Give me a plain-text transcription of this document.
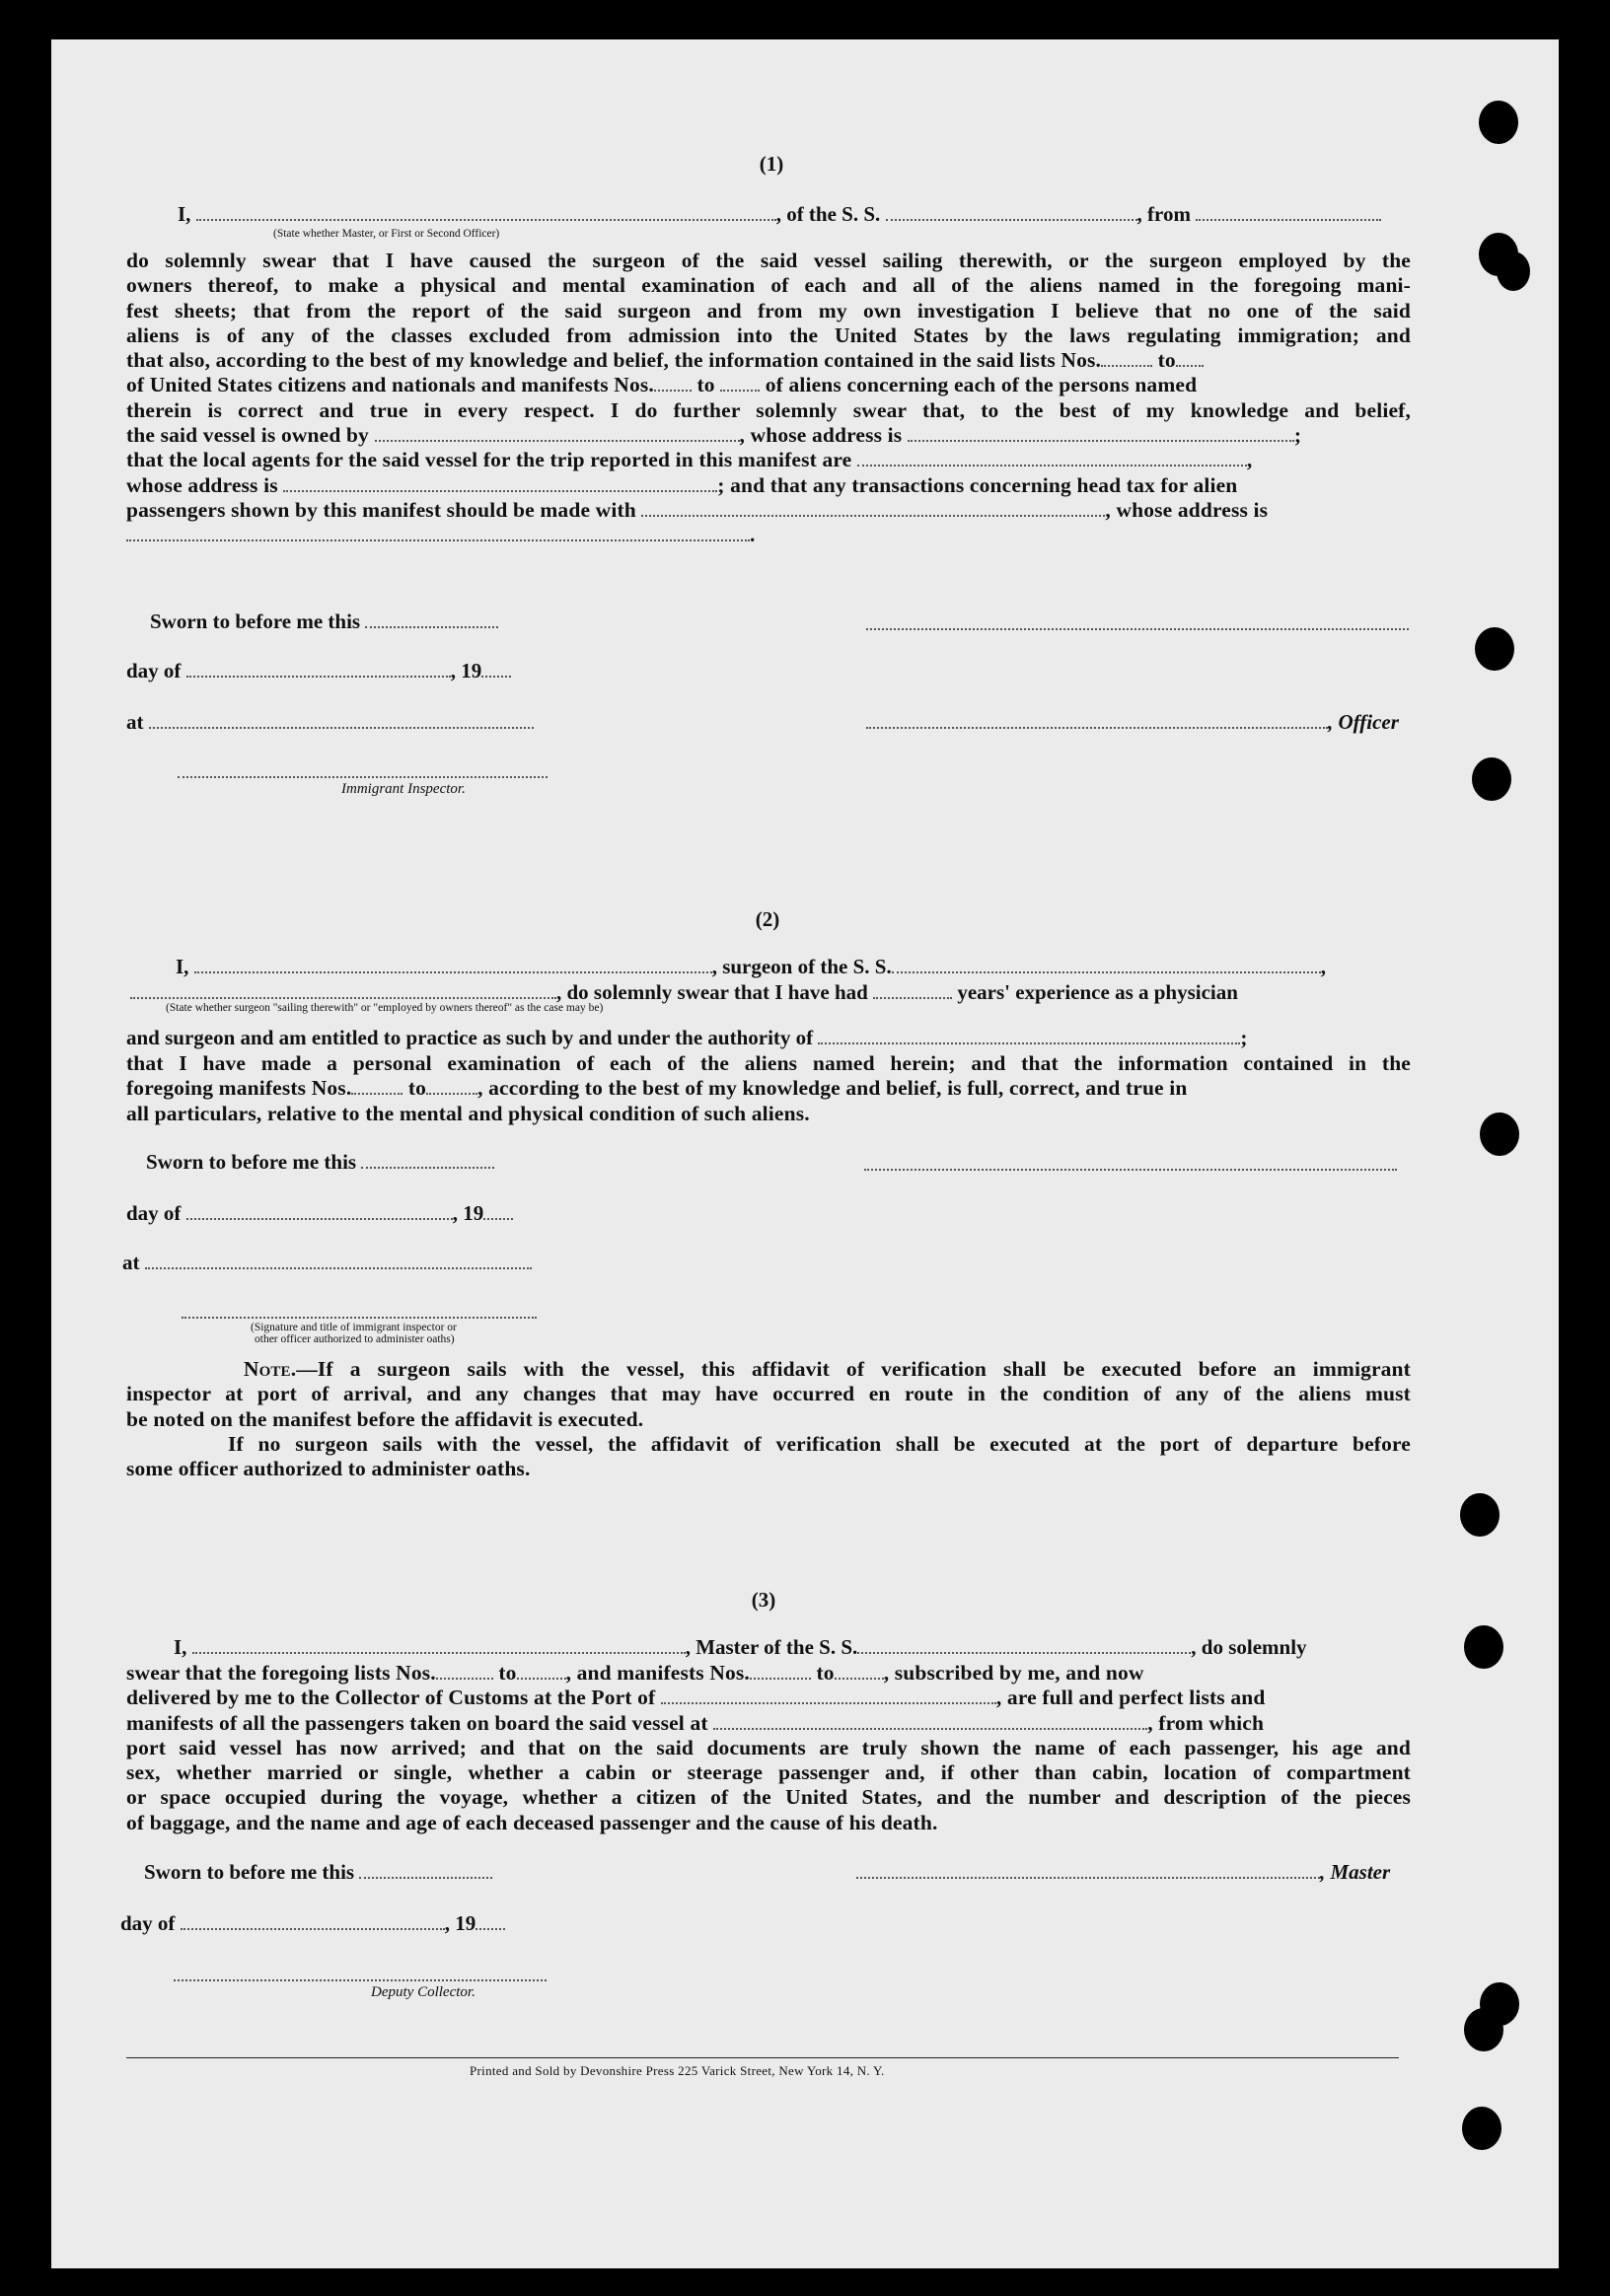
(1)
I,	, of the S. S.	, from
(State whether Master, or First or Second Officer)
do solemnly swear that I have caused the surgeon of the said vessel sailing therewith, or the surgeon employed by the
owners thereof, to make a physical and mental examination of each and all of the aliens named in the foregoing mani-
fest sheets; that from the report of the said surgeon and from my own investigation I believe that no one of the said
aliens is of any of the classes excluded from admission into the United States by the laws regulating immigration; and
that also, according to the best of my knowledge and belief, the information contained in the said lists Nos.	to
of United States citizens and nationals and manifests Nos. to of aliens concerning each of the persons named
therein is correct and true in every respect. I do further solemnly swear that, to the best of my knowledge and belief,
the said vessel is owned by	, whose address is	;
that the local agents for the said vessel for the trip reported in this manifest are	,
whose address is	; and that any transactions concerning head tax for alien
passengers shown by this manifest should be made with	, whose address is
.
Sworn to before me this
day of	, 19
at	, Officer
Immigrant Inspector.
(2)
I,	, surgeon of the S. S.	,
, do solemnly swear that I have had	years' experience as a physician
(State whether surgeon "sailing therewith" or "employed by owners thereof" as the case may be)
and surgeon and am entitled to practice as such by and under the authority of	;
that I have made a personal examination of each of the aliens named herein; and that the information contained in the
foregoing manifests Nos.	to , according to the best of my knowledge and belief, is full, correct, and true in
all particulars, relative to the mental and physical condition of such aliens.
Sworn to before me this
day of	, 19
at
(Signature and title of immigrant inspector or
other officer authorized to administer oaths)
Note.—If a surgeon sails with the vessel, this affidavit of verification shall be executed before an immigrant
inspector at port of arrival, and any changes that may have occurred en route in the condition of any of the aliens must
be noted on the manifest before the affidavit is executed.
If no surgeon sails with the vessel, the affidavit of verification shall be executed at the port of departure before
some officer authorized to administer oaths.
(3)
I,	, Master of the S. S.	, do solemnly
swear that the foregoing lists Nos.	to , and manifests Nos.	to , subscribed by me, and now
delivered by me to the Collector of Customs at the Port of	, are full and perfect lists and
manifests of all the passengers taken on board the said vessel at	, from which
port said vessel has now arrived; and that on the said documents are truly shown the name of each passenger, his age and
sex, whether married or single, whether a cabin or steerage passenger and, if other than cabin, location of compartment
or space occupied during the voyage, whether a citizen of the United States, and the number and description of the pieces
of baggage, and the name and age of each deceased passenger and the cause of his death.
Sworn to before me this	, Master
day of	, 19
Deputy Collector.
Printed and Sold by Devonshire Press 225 Varick Street, New York 14, N. Y.
